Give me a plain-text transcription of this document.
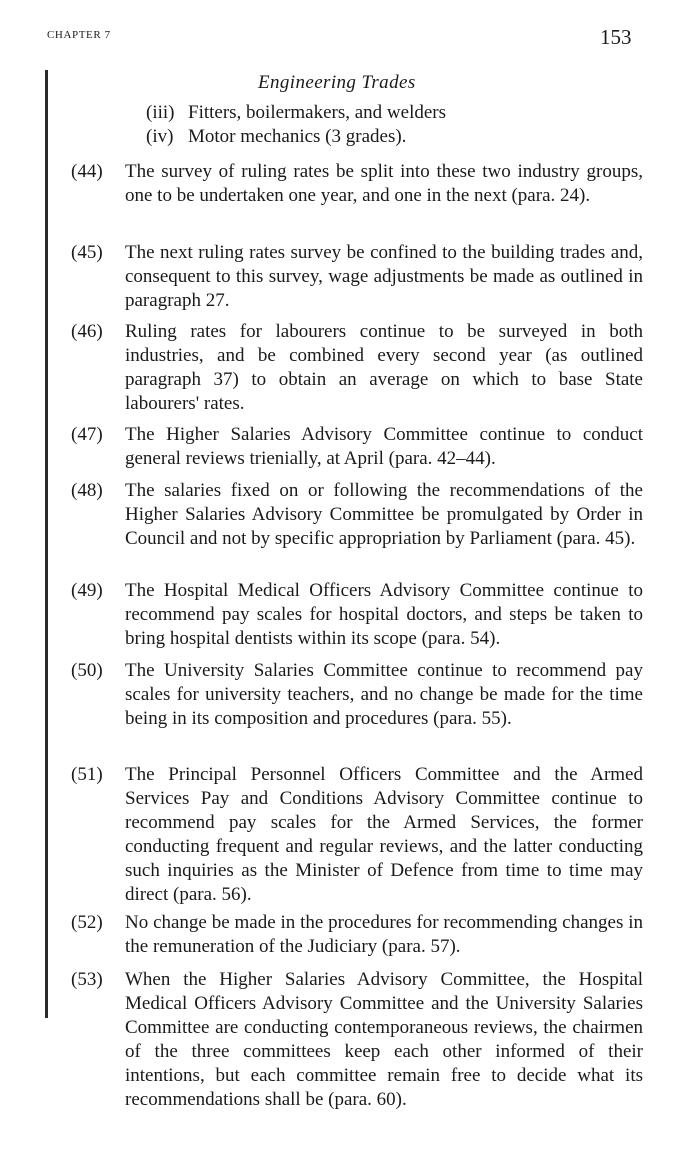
CHAPTER 7	153
Engineering Trades
(iii) Fitters, boilermakers, and welders
(iv) Motor mechanics (3 grades).
(44) The survey of ruling rates be split into these two industry groups, one to be undertaken one year, and one in the next (para. 24).
(45) The next ruling rates survey be confined to the building trades and, consequent to this survey, wage adjustments be made as outlined in paragraph 27.
(46) Ruling rates for labourers continue to be surveyed in both industries, and be combined every second year (as outlined paragraph 37) to obtain an average on which to base State labourers' rates.
(47) The Higher Salaries Advisory Committee continue to conduct general reviews trienially, at April (para. 42–44).
(48) The salaries fixed on or following the recommendations of the Higher Salaries Advisory Committee be promulgated by Order in Council and not by specific appropriation by Parliament (para. 45).
(49) The Hospital Medical Officers Advisory Committee continue to recommend pay scales for hospital doctors, and steps be taken to bring hospital dentists within its scope (para. 54).
(50) The University Salaries Committee continue to recommend pay scales for university teachers, and no change be made for the time being in its composition and procedures (para. 55).
(51) The Principal Personnel Officers Committee and the Armed Services Pay and Conditions Advisory Committee continue to recommend pay scales for the Armed Services, the former conducting frequent and regular reviews, and the latter conducting such inquiries as the Minister of Defence from time to time may direct (para. 56).
(52) No change be made in the procedures for recommending changes in the remuneration of the Judiciary (para. 57).
(53) When the Higher Salaries Advisory Committee, the Hospital Medical Officers Advisory Committee and the University Salaries Committee are conducting contemporaneous reviews, the chairmen of the three committees keep each other informed of their intentions, but each committee remain free to decide what its recommendations shall be (para. 60).
